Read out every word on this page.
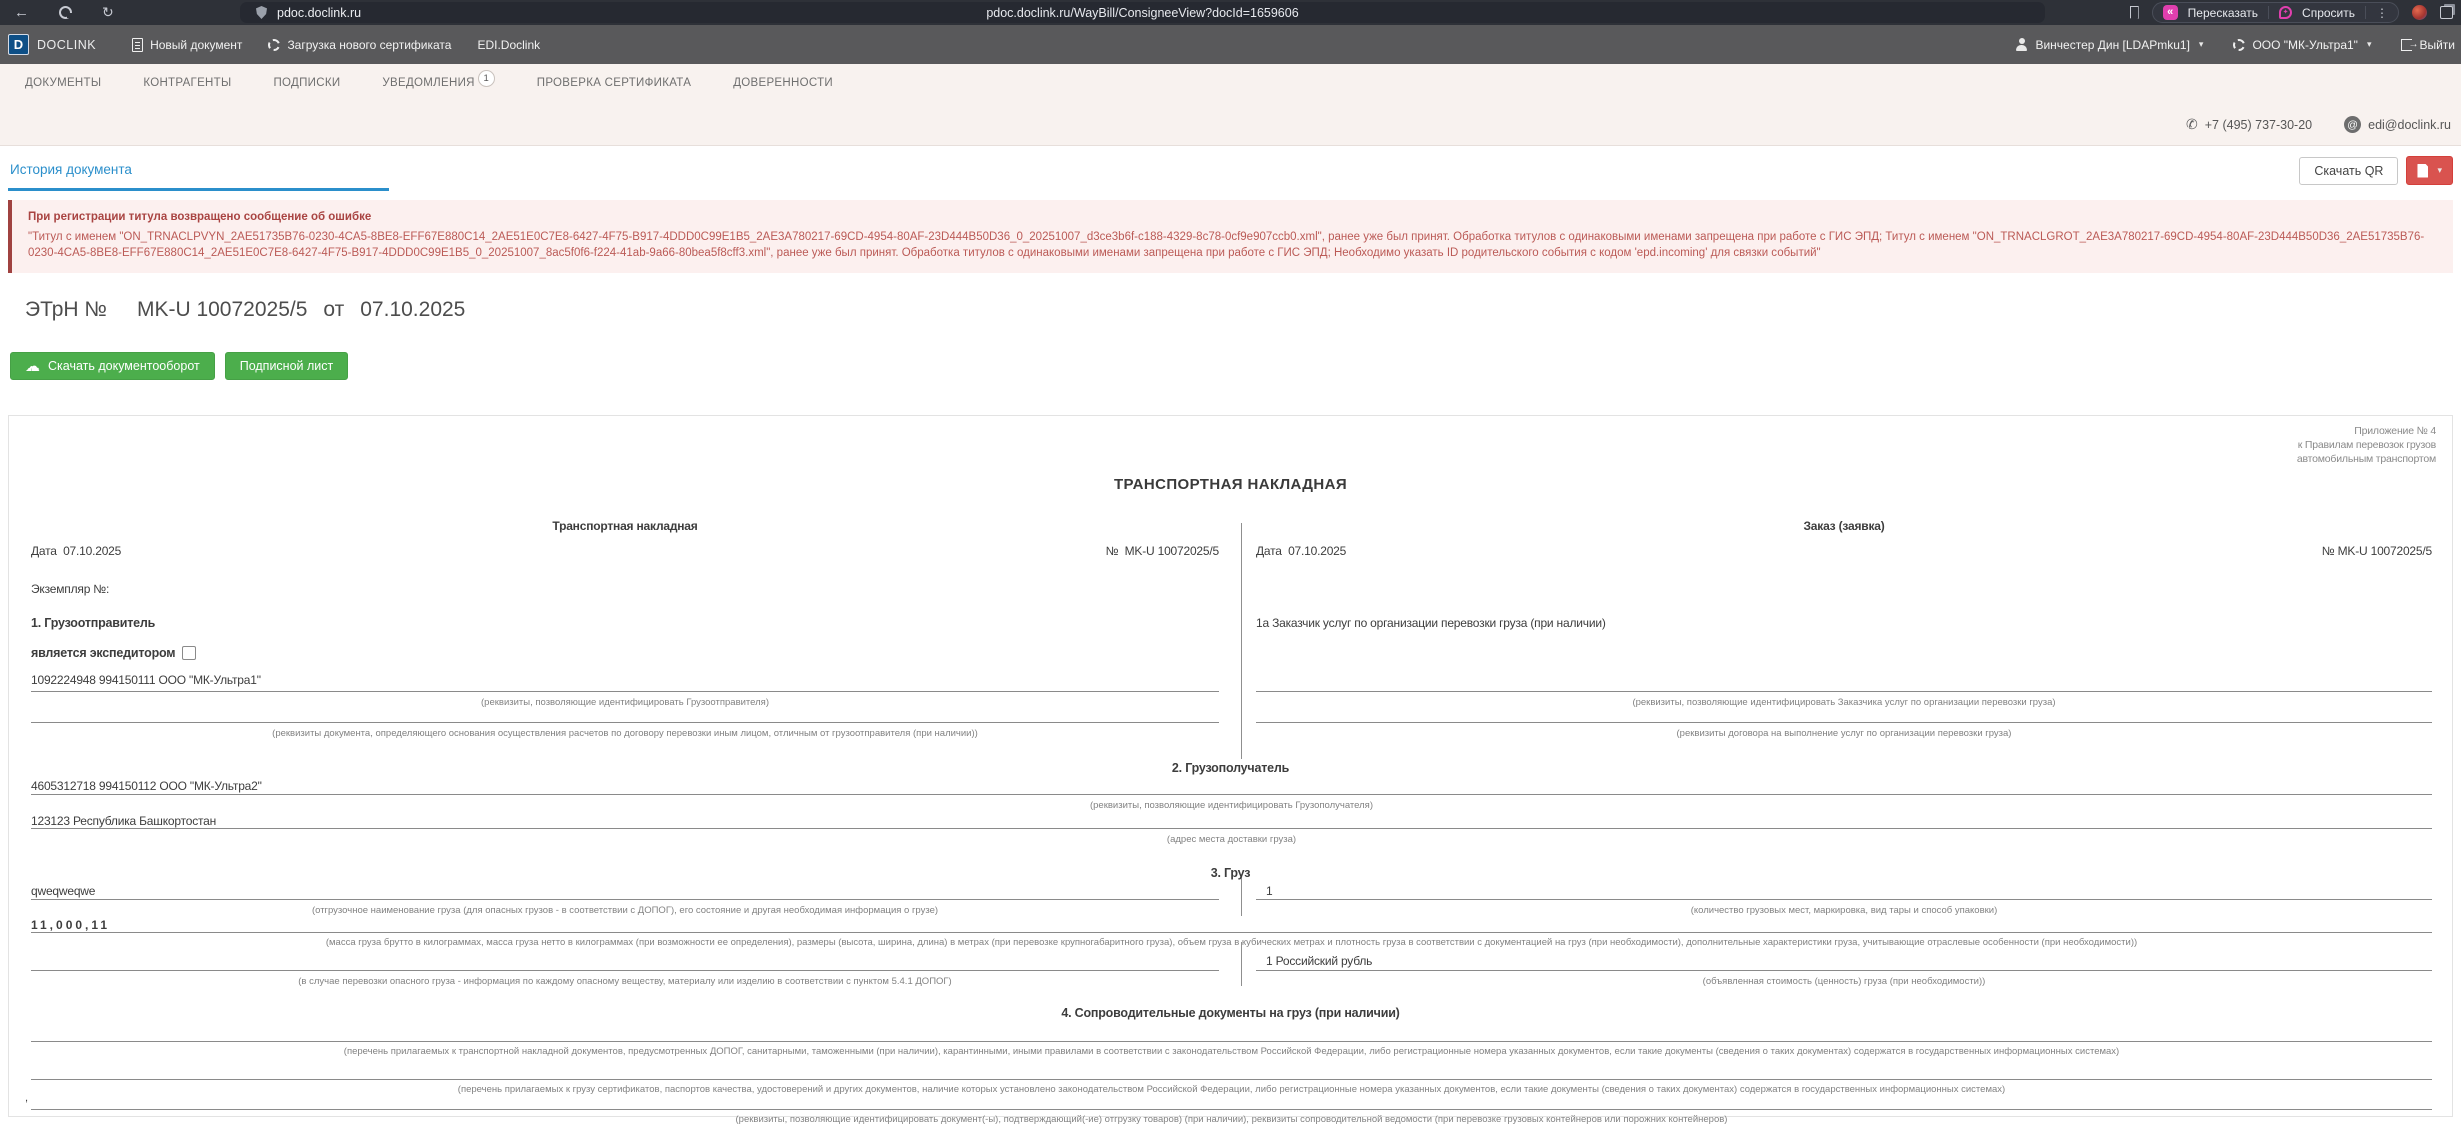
←	↻	pdoc.doclink.ru	pdoc.doclink.ru/WayBill/ConsigneeView?docId=1659606	«	Пересказать	✦ Спросить ⋮
D	DOCLINK	Новый документ	Загрузка нового сертификата EDI.Doclink	Винчестер Дин [LDAPmku1] ▾	ООО "МК-Ультра1" ▾ →	Выйти
ДОКУМЕНТЫ	КОНТРАГЕНТЫ	ПОДПИСКИ	УВЕДОМЛЕНИЯ 1	ПРОВЕРКА СЕРТИФИКАТА	ДОВЕРЕННОСТИ
✆ +7 (495) 737-30-20	@ edi@doclink.ru
История документа	Скачать QR	▾
При регистрации титула возвращено сообщение об ошибке
"Титул с именем "ON_TRNACLPVYN_2AE51735B76-0230-4CA5-8BE8-EFF67E880C14_2AE51E0C7E8-6427-4F75-B917-4DDD0C99E1B5_2AE3A780217-69CD-4954-80AF-23D444B50D36_0_20251007_d3ce3b6f-c188-4329-8c78-0cf9e907ccb0.xml", ранее уже был принят. Обработка титулов с одинаковыми именами запрещена при работе с ГИС ЭПД; Титул с именем "ON_TRNACLGROT_2AE3A780217-69CD-4954-80AF-23D444B50D36_2AE51735B76-0230-4CA5-8BE8-EFF67E880C14_2AE51E0C7E8-6427-4F75-B917-4DDD0C99E1B5_0_20251007_8ac5f0f6-f224-41ab-9a66-80bea5f8cff3.xml", ранее уже был принят. Обработка титулов с одинаковыми именами запрещена при работе с ГИС ЭПД; Необходимо указать ID родительского события с кодом 'epd.incoming' для связки событий"
ЭТрН № MK-U 10072025/5 от 07.10.2025
☁ ↓ Скачать документооборот	Подписной лист
Приложение № 4
к Правилам перевозок грузов
автомобильным транспортом
ТРАНСПОРТНАЯ НАКЛАДНАЯ
Транспортная накладная	Заказ (заявка)
Дата 07.10.2025	№ MK-U 10072025/5	Дата 07.10.2025	№ MK-U 10072025/5
Экземпляр №:
1. Грузоотправитель	1а Заказчик услуг по организации перевозки груза (при наличии)
является экспедитором
1092224948 994150111 ООО "МК-Ультра1"
(реквизиты, позволяющие идентифицировать Грузоотправителя)
(реквизиты документа, определяющего основания осуществления расчетов по договору перевозки иным лицом, отличным от грузоотправителя (при наличии))
(реквизиты, позволяющие идентифицировать Заказчика услуг по организации перевозки груза)
(реквизиты договора на выполнение услуг по организации перевозки груза)
2. Грузополучатель
4605312718 994150112 ООО "МК-Ультра2"
(реквизиты, позволяющие идентифицировать Грузополучателя)
123123 Республика Башкортостан
(адрес места доставки груза)
3. Груз
qweqweqwe
(отгрузочное наименование груза (для опасных грузов - в соответствии с ДОПОГ), его состояние и другая необходимая информация о грузе)
1
(количество грузовых мест, маркировка, вид тары и способ упаковки)
11,000,11
(масса груза брутто в килограммах, масса груза нетто в килограммах (при возможности ее определения), размеры (высота, ширина, длина) в метрах (при перевозке крупногабаритного груза), объем груза в кубических метрах и плотность груза в соответствии с документацией на груз (при необходимости), дополнительные характеристики груза, учитывающие отраслевые особенности (при необходимости))
1 Российский рубль
(в случае перевозки опасного груза - информация по каждому опасному веществу, материалу или изделию в соответствии с пунктом 5.4.1 ДОПОГ)	(объявленная стоимость (ценность) груза (при необходимости))
4. Сопроводительные документы на груз (при наличии)
(перечень прилагаемых к транспортной накладной документов, предусмотренных ДОПОГ, санитарными, таможенными (при наличии), карантинными, иными правилами в соответствии с законодательством Российской Федерации, либо регистрационные номера указанных документов, если такие документы (сведения о таких документах) содержатся в государственных информационных системах)
(перечень прилагаемых к грузу сертификатов, паспортов качества, удостоверений и других документов, наличие которых установлено законодательством Российской Федерации, либо регистрационные номера указанных документов, если такие документы (сведения о таких документах) содержатся в государственных информационных системах)
,
(реквизиты, позволяющие идентифицировать документ(-ы), подтверждающий(-ие) отгрузку товаров) (при наличии), реквизиты сопроводительной ведомости (при перевозке грузовых контейнеров или порожних контейнеров)
